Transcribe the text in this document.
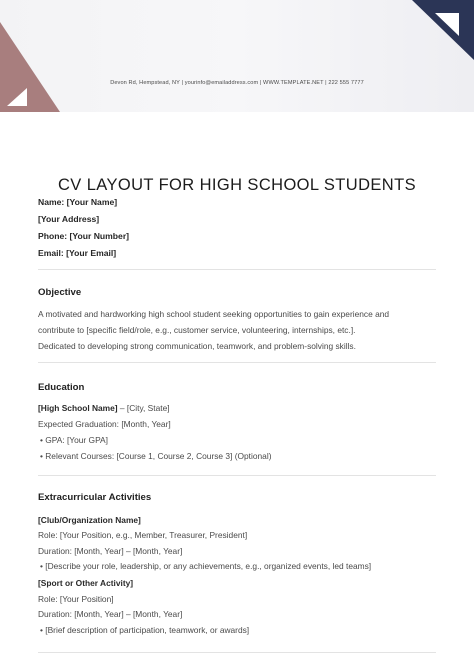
Devon Rd, Hempstead, NY | yourinfo@emailaddress.com | WWW.TEMPLATE.NET | 222 555 7777
CV LAYOUT FOR HIGH SCHOOL STUDENTS
Name: [Your Name]
[Your Address]
Phone: [Your Number]
Email: [Your Email]
Objective
A motivated and hardworking high school student seeking opportunities to gain experience and
contribute to [specific field/role, e.g., customer service, volunteering, internships, etc.].
Dedicated to developing strong communication, teamwork, and problem-solving skills.
Education
[High School Name] – [City, State]
Expected Graduation: [Month, Year]
• GPA: [Your GPA]
• Relevant Courses: [Course 1, Course 2, Course 3] (Optional)
Extracurricular Activities
[Club/Organization Name]
Role: [Your Position, e.g., Member, Treasurer, President]
Duration: [Month, Year] – [Month, Year]
• [Describe your role, leadership, or any achievements, e.g., organized events, led teams]
[Sport or Other Activity]
Role: [Your Position]
Duration: [Month, Year] – [Month, Year]
• [Brief description of participation, teamwork, or awards]
